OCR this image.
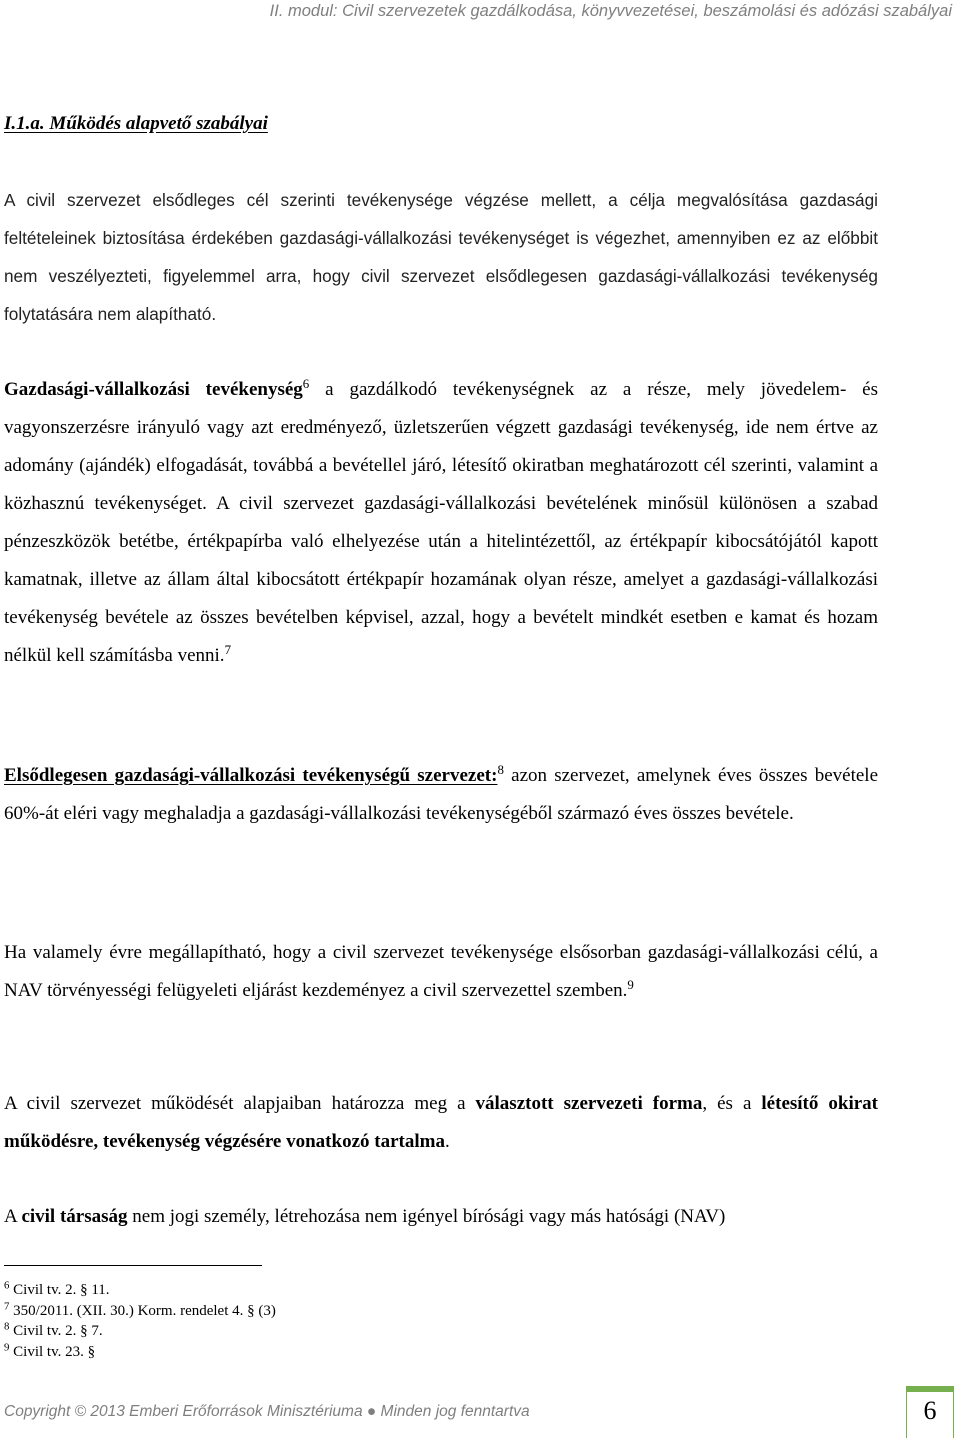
II. modul: Civil szervezetek gazdálkodása, könyvvezetései, beszámolási és adózási szabályai
I.1.a. Működés alapvető szabályai
A civil szervezet elsődleges cél szerinti tevékenysége végzése mellett, a célja megvalósítása gazdasági feltételeinek biztosítása érdekében gazdasági-vállalkozási tevékenységet is végezhet, amennyiben ez az előbbit nem veszélyezteti, figyelemmel arra, hogy civil szervezet elsődlegesen gazdasági-vállalkozási tevékenység folytatására nem alapítható.
Gazdasági-vállalkozási tevékenység$^6$ a gazdálkodó tevékenységnek az a része, mely jövedelem- és vagyonszerzésre irányuló vagy azt eredményező, üzletszerűen végzett gazdasági tevékenység, ide nem értve az adomány (ajándék) elfogadását, továbbá a bevétellel járó, létesítő okiratban meghatározott cél szerinti, valamint a közhasznú tevékenységet. A civil szervezet gazdasági-vállalkozási bevételének minősül különösen a szabad pénzeszközök betétbe, értékpapírba való elhelyezése után a hitelintézettől, az értékpapír kibocsátójától kapott kamatnak, illetve az állam által kibocsátott értékpapír hozamának olyan része, amelyet a gazdasági-vállalkozási tevékenység bevétele az összes bevételben képvisel, azzal, hogy a bevételt mindkét esetben e kamat és hozam nélkül kell számításba venni.$^7$
Elsődlegesen gazdasági-vállalkozási tevékenységű szervezet:$^8$ azon szervezet, amelynek éves összes bevétele 60%-át eléri vagy meghaladja a gazdasági-vállalkozási tevékenységéből származó éves összes bevétele.
Ha valamely évre megállapítható, hogy a civil szervezet tevékenysége elsősorban gazdasági-vállalkozási célú, a NAV törvényességi felügyeleti eljárást kezdeményez a civil szervezettel szemben.$^9$
A civil szervezet működését alapjaiban határozza meg a választott szervezeti forma, és a létesítő okirat működésre, tevékenység végzésére vonatkozó tartalma.
A civil társaság nem jogi személy, létrehozása nem igényel bírósági vagy más hatósági (NAV)
$^6$ Civil tv. 2. § 11.
$^7$ 350/2011. (XII. 30.) Korm. rendelet 4. § (3)
$^8$ Civil tv. 2. § 7.
$^9$ Civil tv. 23. §
Copyright © 2013 Emberi Erőforrások Minisztériuma ● Minden jog fenntartva	6
